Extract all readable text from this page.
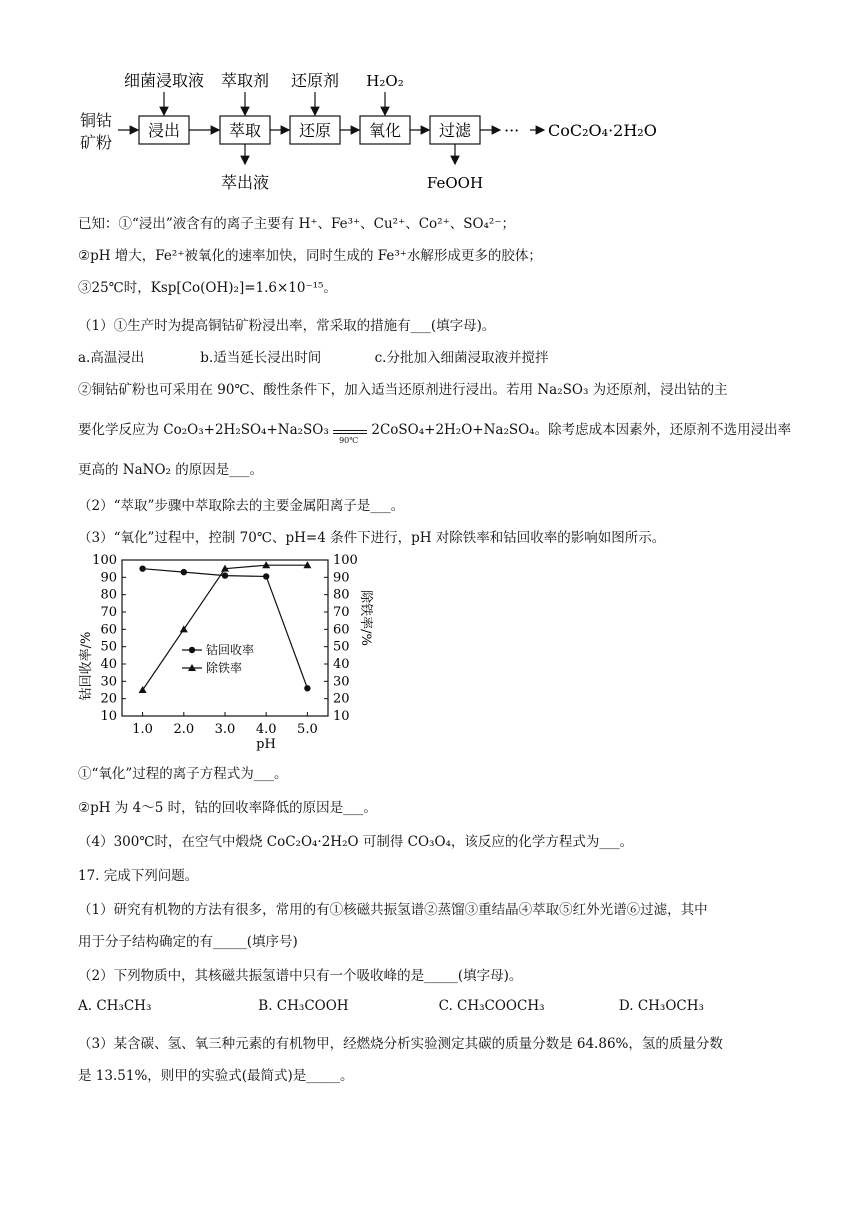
铜钴
矿粉
浸出	萃取 还原 氧化 过滤 ··· CoC₂O₄·2H₂O
细菌浸取液 萃取剂 还原剂 H₂O₂
萃出液	FeOOH
已知：①“浸出”液含有的离子主要有 H⁺、Fe³⁺、Cu²⁺、Co²⁺、SO₄²⁻；
②pH 增大，Fe²⁺被氧化的速率加快，同时生成的 Fe³⁺水解形成更多的胶体；
③25℃时，Ksp[Co(OH)₂]=1.6×10⁻¹⁵。
（1）①生产时为提高铜钴矿粉浸出率，常采取的措施有___(填字母)。
a.高温浸出	b.适当延长浸出时间	c.分批加入细菌浸取液并搅拌
②铜钴矿粉也可采用在 90℃、酸性条件下，加入适当还原剂进行浸出。若用 Na₂SO₃ 为还原剂，浸出钴的主
要化学反应为 Co₂O₃+2H₂SO₄+Na₂SO₃
90℃
2CoSO₄+2H₂O+Na₂SO₄。除考虑成本因素外，还原剂不选用浸出率
更高的 NaNO₂ 的原因是___。
（2）“萃取”步骤中萃取除去的主要金属阳离子是___。
（3）“氧化”过程中，控制 70℃、pH=4 条件下进行，pH 对除铁率和钴回收率的影响如图所示。
10	10
20	20
30	30
40	40
50	50
60	60
70	70
80	80
90	90
100	100
1.0 2.0 3.0 4.0 5.0
钴回收率/%
除铁率/%
pH
钴回收率
除铁率
①“氧化”过程的离子方程式为___。
②pH 为 4～5 时，钴的回收率降低的原因是___。
（4）300℃时，在空气中煅烧 CoC₂O₄·2H₂O 可制得 CO₃O₄，该反应的化学方程式为___。
17. 完成下列问题。
（1）研究有机物的方法有很多，常用的有①核磁共振氢谱②蒸馏③重结晶④萃取⑤红外光谱⑥过滤，其中
用于分子结构确定的有_____(填序号)
（2）下列物质中，其核磁共振氢谱中只有一个吸收峰的是_____(填字母)。
A. CH₃CH₃	B. CH₃COOH	C. CH₃COOCH₃	D. CH₃OCH₃
（3）某含碳、氢、氧三种元素的有机物甲，经燃烧分析实验测定其碳的质量分数是 64.86%，氢的质量分数
是 13.51%，则甲的实验式(最简式)是_____。
